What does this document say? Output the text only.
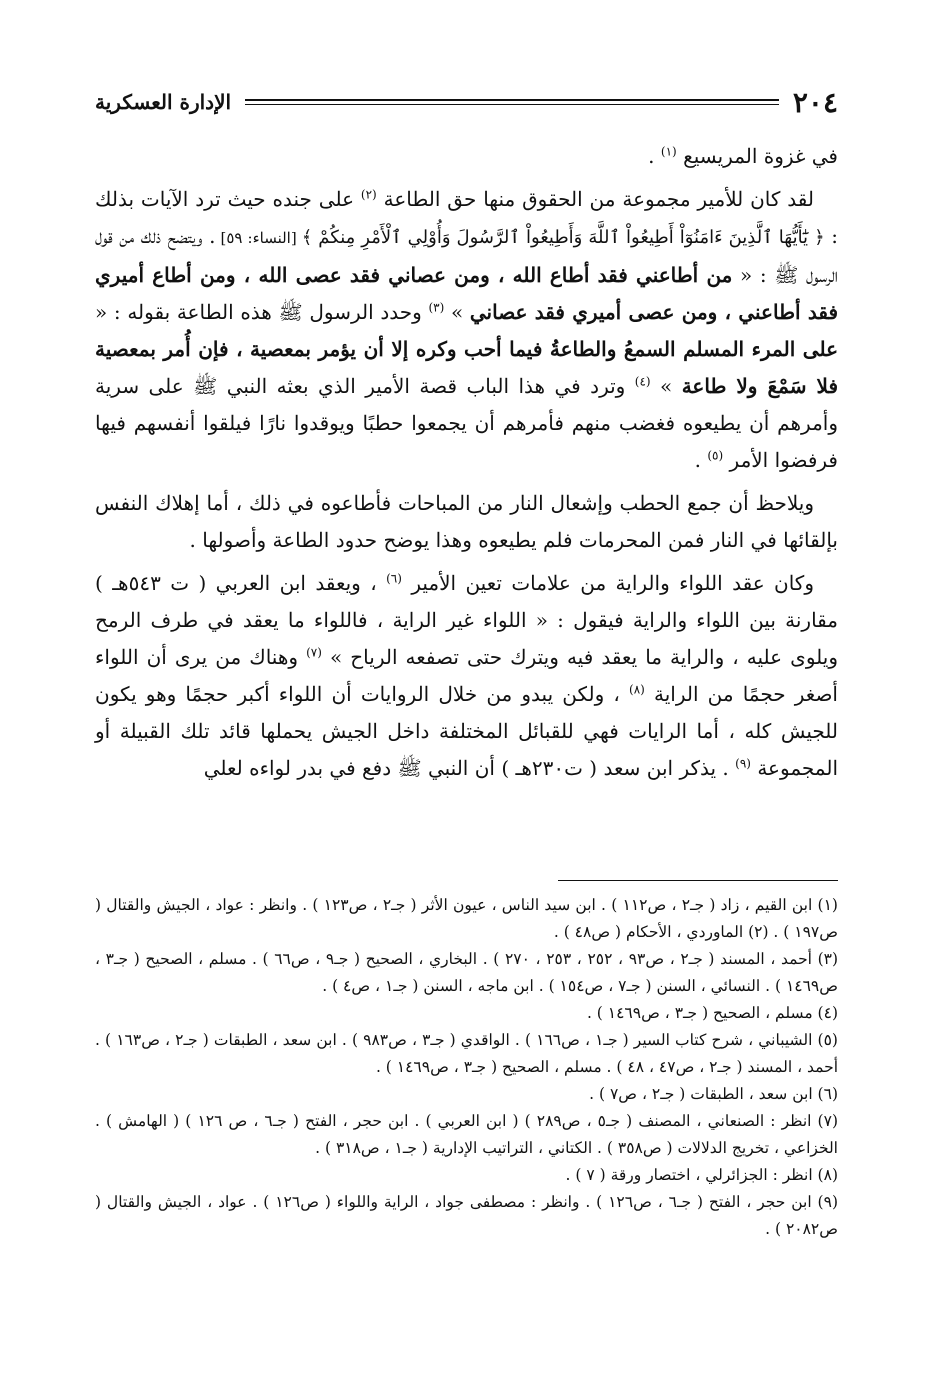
٢٠٤
الإدارة العسكرية

في غزوة المريسيع $^{(١)}$ .

لقد كان للأمير مجموعة من الحقوق منها حق الطاعة $^{(٢)}$ على جنده حيث ترد الآيات بذلك : ﴿ يَٰٓأَيُّهَا ٱلَّذِينَ ءَامَنُوٓاْ أَطِيعُواْ ٱللَّهَ وَأَطِيعُواْ ٱلرَّسُولَ وَأُوْلِي ٱلْأَمْرِ مِنكُمْ ﴾ [النساء: ٥٩] . ويتضح ذلك من قول الرسول ﷺ : « من أطاعني فقد أطاع الله ، ومن عصاني فقد عصى الله ، ومن أطاع أميري فقد أطاعني ، ومن عصى أميري فقد عصاني » $^{(٣)}$ وحدد الرسول ﷺ هذه الطاعة بقوله : « على المرء المسلم السمعُ والطاعةُ فيما أحب وكره إلا أن يؤمر بمعصية ، فإن أُمر بمعصية فلا سَمْعَ ولا طاعة » $^{(٤)}$ وترد في هذا الباب قصة الأمير الذي بعثه النبي ﷺ على سرية وأمرهم أن يطيعوه فغضب منهم فأمرهم أن يجمعوا حطبًا ويوقدوا نارًا فيلقوا أنفسهم فيها فرفضوا الأمر $^{(٥)}$ .

ويلاحظ أن جمع الحطب وإشعال النار من المباحات فأطاعوه في ذلك ، أما إهلاك النفس بإلقائها في النار فمن المحرمات فلم يطيعوه وهذا يوضح حدود الطاعة وأصولها .

وكان عقد اللواء والراية من علامات تعين الأمير $^{(٦)}$ ، ويعقد ابن العربي ( ت ٥٤٣هـ ) مقارنة بين اللواء والراية فيقول : « اللواء غير الراية ، فاللواء ما يعقد في طرف الرمح ويلوى عليه ، والراية ما يعقد فيه ويترك حتى تصفعه الرياح » $^{(٧)}$ وهناك من يرى أن اللواء أصغر حجمًا من الراية $^{(٨)}$ ، ولكن يبدو من خلال الروايات أن اللواء أكبر حجمًا وهو يكون للجيش كله ، أما الرايات فهي للقبائل المختلفة داخل الجيش يحملها قائد تلك القبيلة أو المجموعة $^{(٩)}$ . يذكر ابن سعد ( ت٢٣٠هـ ) أن النبي ﷺ دفع في بدر لواءه لعلي

(١) ابن القيم ، زاد ( جـ٢ ، ص١١٢ ) . ابن سيد الناس ، عيون الأثر ( جـ٢ ، ص١٢٣ ) . وانظر : عواد ، الجيش والقتال ( ص١٩٧ ) . (٢) الماوردي ، الأحكام ( ص٤٨ ) .

(٣) أحمد ، المسند ( جـ٢ ، ص٩٣ ، ٢٥٢ ، ٢٥٣ ، ٢٧٠ ) . البخاري ، الصحيح ( جـ٩ ، ص٦٦ ) . مسلم ، الصحيح ( جـ٣ ، ص١٤٦٩ ) . النسائي ، السنن ( جـ٧ ، ص١٥٤ ) . ابن ماجه ، السنن ( جـ١ ، ص٤ ) .

(٤) مسلم ، الصحيح ( جـ٣ ، ص١٤٦٩ ) .

(٥) الشيباني ، شرح كتاب السير ( جـ١ ، ص١٦٦ ) . الواقدي ( جـ٣ ، ص٩٨٣ ) . ابن سعد ، الطبقات ( جـ٢ ، ص١٦٣ ) . أحمد ، المسند ( جـ٢ ، ص٤٧ ، ٤٨ ) . مسلم ، الصحيح ( جـ٣ ، ص١٤٦٩ ) .

(٦) ابن سعد ، الطبقات ( جـ٢ ، ص٧ ) .

(٧) انظر : الصنعاني ، المصنف ( جـ٥ ، ص٢٨٩ ) ( ابن العربي ) . ابن حجر ، الفتح ( جـ٦ ، ص ١٢٦ ) ( الهامش ) . الخزاعي ، تخريج الدلالات ( ص٣٥٨ ) . الكتاني ، التراتيب الإدارية ( جـ١ ، ص٣١٨ ) .

(٨) انظر : الجزائرلي ، اختصار ورقة ( ٧ ) .

(٩) ابن حجر ، الفتح ( جـ٦ ، ص١٢٦ ) . وانظر : مصطفى جواد ، الراية واللواء ( ص١٢٦ ) . عواد ، الجيش والقتال ( ص٢٠٨٢ ) .
